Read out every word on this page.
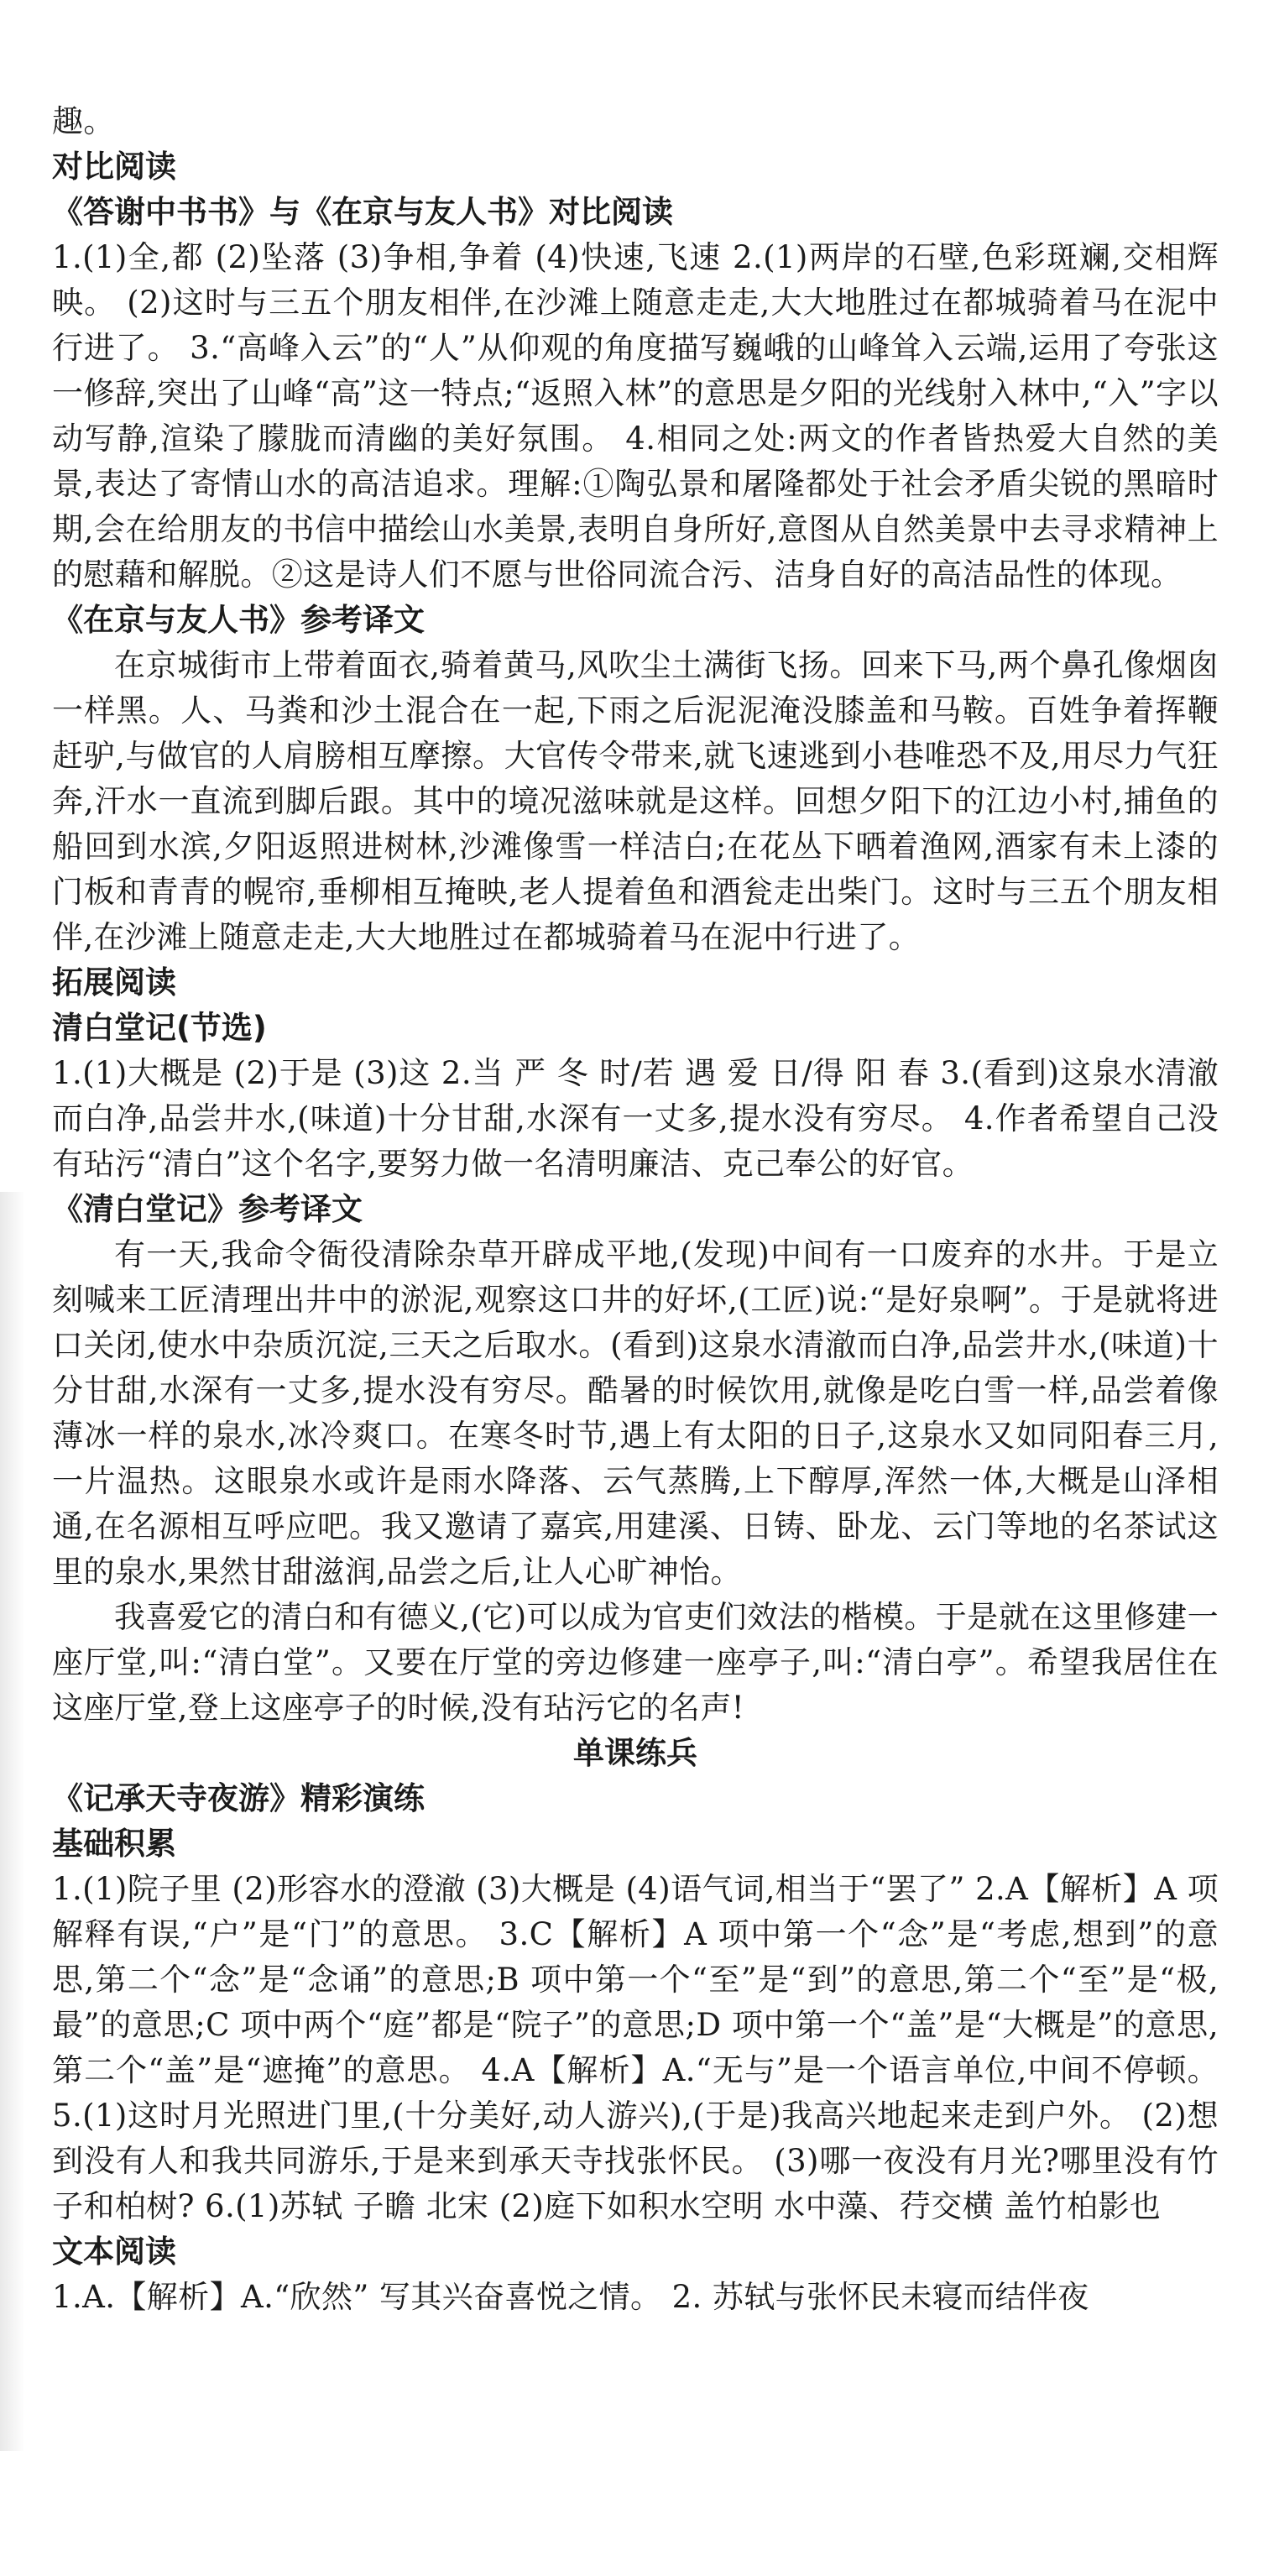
趣。

对比阅读
《答谢中书书》与《在京与友人书》对比阅读

1.(1)全,都 (2)坠落 (3)争相,争着 (4)快速,飞速 2.(1)两岸的石壁,色彩斑斓,交相辉映。 (2)这时与三五个朋友相伴,在沙滩上随意走走,大大地胜过在都城骑着马在泥中行进了。 3.“高峰入云”的“人”从仰观的角度描写巍峨的山峰耸入云端,运用了夸张这一修辞,突出了山峰“高”这一特点;“返照入林”的意思是夕阳的光线射入林中,“入”字以动写静,渲染了朦胧而清幽的美好氛围。 4.相同之处:两文的作者皆热爱大自然的美景,表达了寄情山水的高洁追求。理解:①陶弘景和屠隆都处于社会矛盾尖锐的黑暗时期,会在给朋友的书信中描绘山水美景,表明自身所好,意图从自然美景中去寻求精神上的慰藉和解脱。②这是诗人们不愿与世俗同流合污、洁身自好的高洁品性的体现。

《在京与友人书》参考译文

在京城街市上带着面衣,骑着黄马,风吹尘土满街飞扬。回来下马,两个鼻孔像烟囱一样黑。人、马粪和沙土混合在一起,下雨之后泥泥淹没膝盖和马鞍。百姓争着挥鞭赶驴,与做官的人肩膀相互摩擦。大官传令带来,就飞速逃到小巷唯恐不及,用尽力气狂奔,汗水一直流到脚后跟。其中的境况滋味就是这样。回想夕阳下的江边小村,捕鱼的船回到水滨,夕阳返照进树林,沙滩像雪一样洁白;在花丛下晒着渔网,酒家有未上漆的门板和青青的幌帘,垂柳相互掩映,老人提着鱼和酒瓮走出柴门。这时与三五个朋友相伴,在沙滩上随意走走,大大地胜过在都城骑着马在泥中行进了。

拓展阅读
清白堂记(节选)

1.(1)大概是 (2)于是 (3)这 2.当 严 冬 时/若 遇 爱 日/得 阳 春 3.(看到)这泉水清澈而白净,品尝井水,(味道)十分甘甜,水深有一丈多,提水没有穷尽。 4.作者希望自己没有玷污“清白”这个名字,要努力做一名清明廉洁、克己奉公的好官。

《清白堂记》参考译文

有一天,我命令衙役清除杂草开辟成平地,(发现)中间有一口废弃的水井。于是立刻喊来工匠清理出井中的淤泥,观察这口井的好坏,(工匠)说:“是好泉啊”。于是就将进口关闭,使水中杂质沉淀,三天之后取水。(看到)这泉水清澈而白净,品尝井水,(味道)十分甘甜,水深有一丈多,提水没有穷尽。酷暑的时候饮用,就像是吃白雪一样,品尝着像薄冰一样的泉水,冰冷爽口。在寒冬时节,遇上有太阳的日子,这泉水又如同阳春三月,一片温热。这眼泉水或许是雨水降落、云气蒸腾,上下醇厚,浑然一体,大概是山泽相通,在名源相互呼应吧。我又邀请了嘉宾,用建溪、日铸、卧龙、云门等地的名茶试这里的泉水,果然甘甜滋润,品尝之后,让人心旷神怡。

我喜爱它的清白和有德义,(它)可以成为官吏们效法的楷模。于是就在这里修建一座厅堂,叫:“清白堂”。又要在厅堂的旁边修建一座亭子,叫:“清白亭”。希望我居住在这座厅堂,登上这座亭子的时候,没有玷污它的名声!

单课练兵
《记承天寺夜游》精彩演练
基础积累

1.(1)院子里 (2)形容水的澄澈 (3)大概是 (4)语气词,相当于“罢了” 2.A【解析】A 项解释有误,“户”是“门”的意思。 3.C【解析】A 项中第一个“念”是“考虑,想到”的意思,第二个“念”是“念诵”的意思;B 项中第一个“至”是“到”的意思,第二个“至”是“极,最”的意思;C 项中两个“庭”都是“院子”的意思;D 项中第一个“盖”是“大概是”的意思,第二个“盖”是“遮掩”的意思。 4.A【解析】A.“无与”是一个语言单位,中间不停顿。 5.(1)这时月光照进门里,(十分美好,动人游兴),(于是)我高兴地起来走到户外。 (2)想到没有人和我共同游乐,于是来到承天寺找张怀民。 (3)哪一夜没有月光?哪里没有竹子和柏树? 6.(1)苏轼 子瞻 北宋 (2)庭下如积水空明 水中藻、荇交横 盖竹柏影也

文本阅读

1.A.【解析】A.“欣然” 写其兴奋喜悦之情。 2. 苏轼与张怀民未寝而结伴夜
